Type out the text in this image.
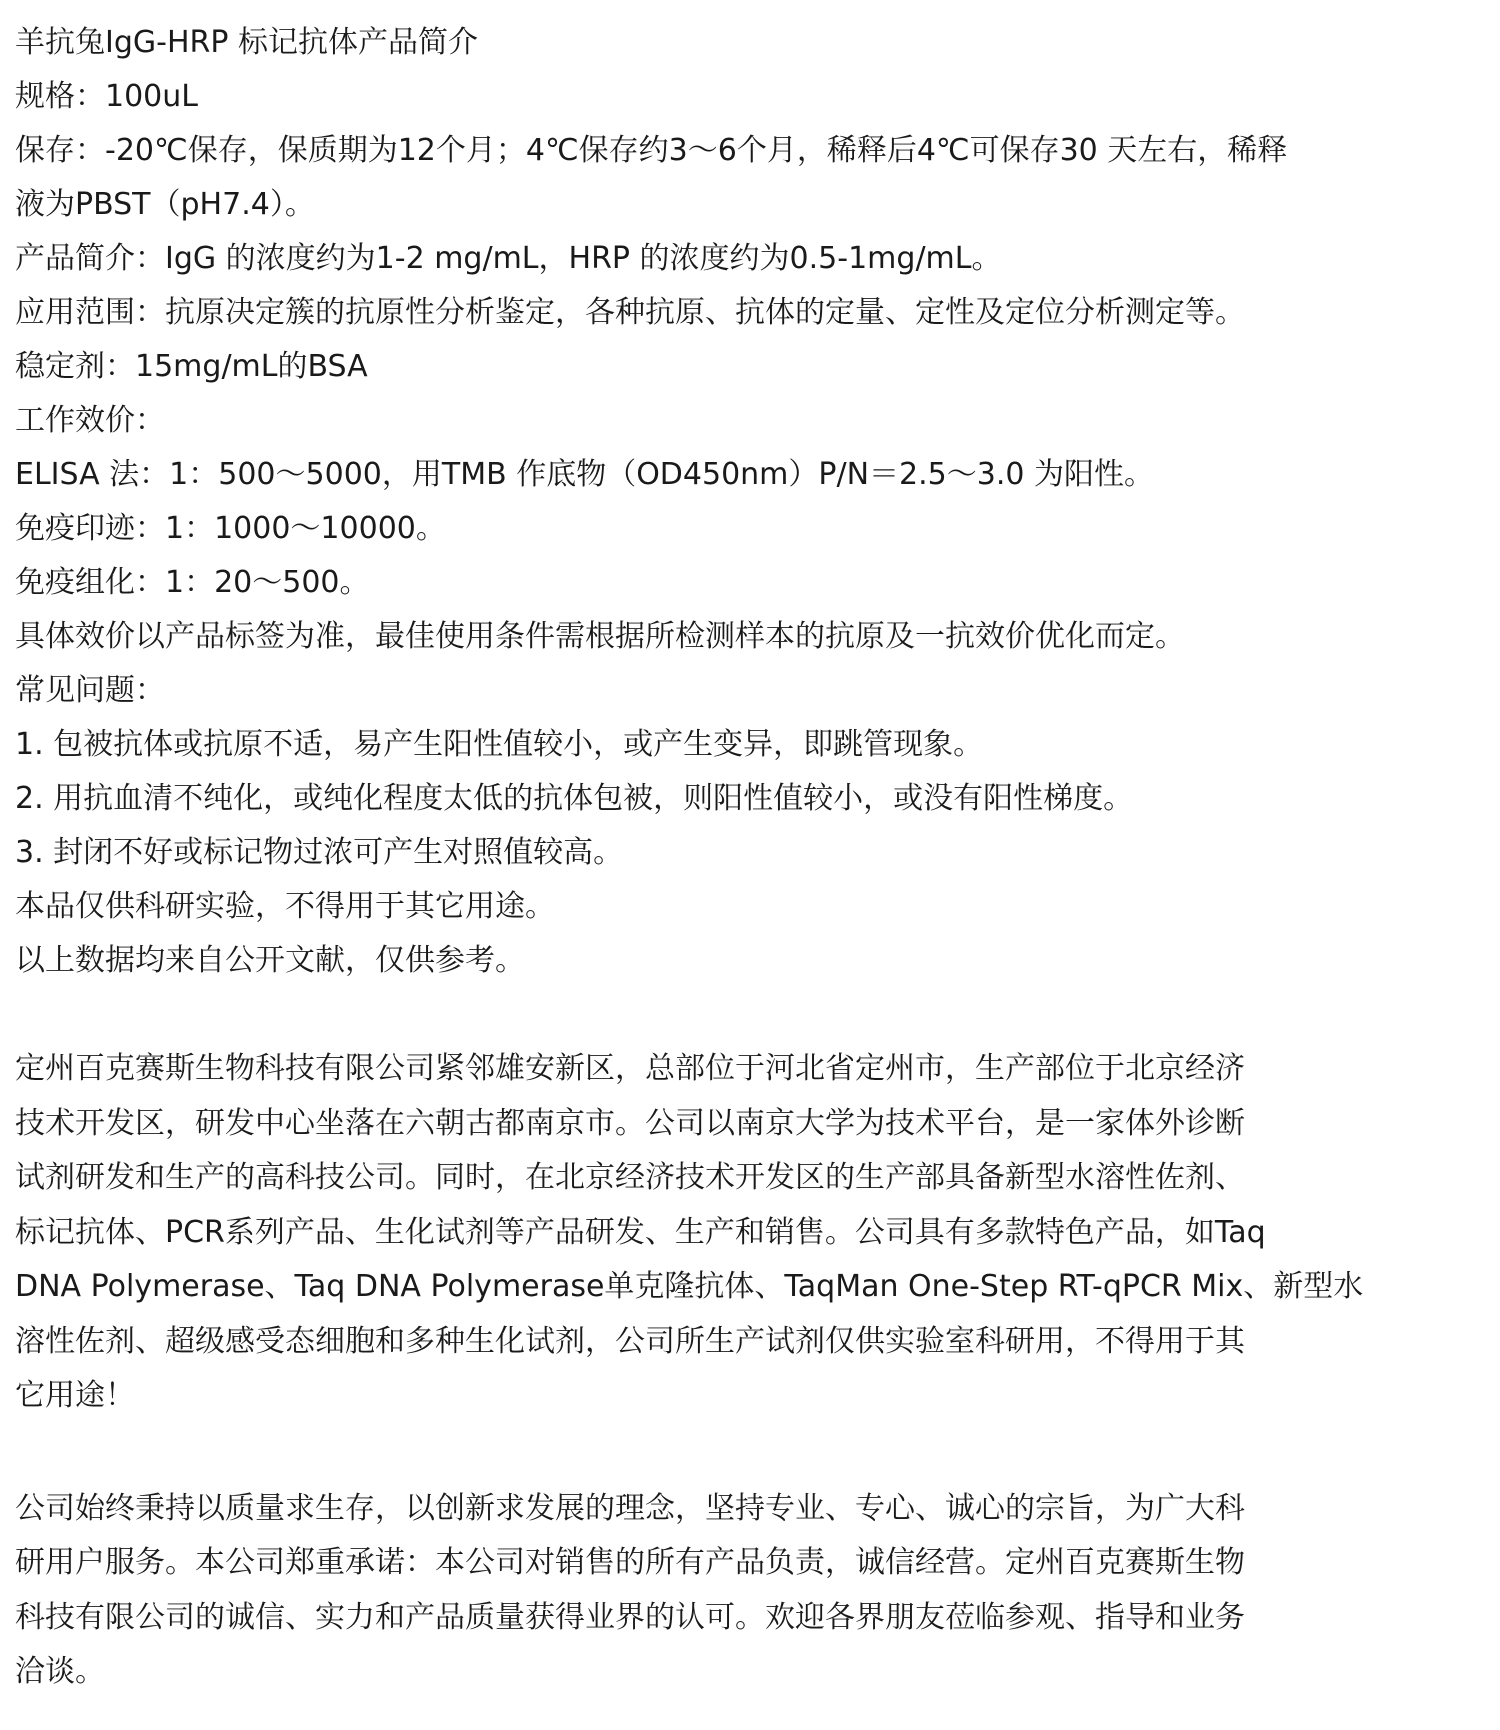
羊抗兔IgG-HRP 标记抗体产品简介
规格：100uL
保存：-20℃保存，保质期为12个月；4℃保存约3～6个月，稀释后4℃可保存30 天左右，稀释
液为PBST（pH7.4）。
产品简介：IgG 的浓度约为1-2 mg/mL，HRP 的浓度约为0.5-1mg/mL。
应用范围：抗原决定簇的抗原性分析鉴定，各种抗原、抗体的定量、定性及定位分析测定等。
稳定剂：15mg/mL的BSA
工作效价：
ELISA 法：1：500～5000，用TMB 作底物（OD450nm）P/N＝2.5～3.0 为阳性。
免疫印迹：1：1000～10000。
免疫组化：1：20～500。
具体效价以产品标签为准，最佳使用条件需根据所检测样本的抗原及一抗效价优化而定。
常见问题：
1. 包被抗体或抗原不适，易产生阳性值较小，或产生变异，即跳管现象。
2. 用抗血清不纯化，或纯化程度太低的抗体包被，则阳性值较小，或没有阳性梯度。
3. 封闭不好或标记物过浓可产生对照值较高。
本品仅供科研实验，不得用于其它用途。
以上数据均来自公开文献，仅供参考。
定州百克赛斯生物科技有限公司紧邻雄安新区，总部位于河北省定州市，生产部位于北京经济
技术开发区，研发中心坐落在六朝古都南京市。公司以南京大学为技术平台，是一家体外诊断
试剂研发和生产的高科技公司。同时，在北京经济技术开发区的生产部具备新型水溶性佐剂、
标记抗体、PCR系列产品、生化试剂等产品研发、生产和销售。公司具有多款特色产品，如Taq
DNA Polymerase、Taq DNA Polymerase单克隆抗体、TaqMan One-Step RT-qPCR Mix、新型水
溶性佐剂、超级感受态细胞和多种生化试剂，公司所生产试剂仅供实验室科研用，不得用于其
它用途！
公司始终秉持以质量求生存，以创新求发展的理念，坚持专业、专心、诚心的宗旨，为广大科
研用户服务。本公司郑重承诺：本公司对销售的所有产品负责，诚信经营。定州百克赛斯生物
科技有限公司的诚信、实力和产品质量获得业界的认可。欢迎各界朋友莅临参观、指导和业务
洽谈。
